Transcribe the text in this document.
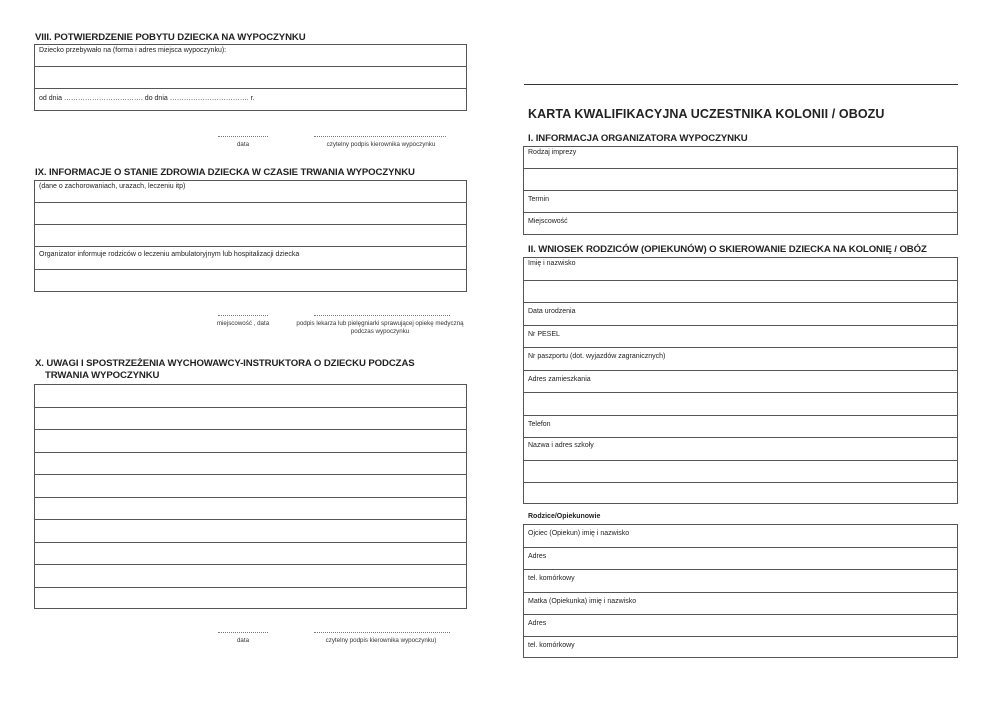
VIII. POTWIERDZENIE POBYTU DZIECKA NA WYPOCZYNKU
Dziecko przebywało na (forma i adres miejsca wypoczynku):
od dnia ……………………………. do dnia ……………………………. r.
data	czytelny podpis kierownika wypoczynku
IX. INFORMACJE O STANIE ZDROWIA DZIECKA W CZASIE TRWANIA WYPOCZYNKU
(dane o zachorowaniach, urazach, leczeniu itp)
Organizator informuje rodziców o leczeniu ambulatoryjnym lub hospitalizacji dziecka
miejscowość , data	podpis lekarza lub pielęgniarki sprawującej opiekę medyczną podczas wypoczynku
X. UWAGI I SPOSTRZEŻENIA WYCHOWAWCY-INSTRUKTORA O DZIECKU PODCZAS
TRWANIA WYPOCZYNKU
data	czytelny podpis kierownika wypoczynku)
KARTA KWALIFIKACYJNA UCZESTNIKA KOLONII / OBOZU
I. INFORMACJA ORGANIZATORA WYPOCZYNKU
Rodzaj imprezy
Termin
Miejscowość
II. WNIOSEK RODZICÓW (OPIEKUNÓW) O SKIEROWANIE DZIECKA NA KOLONIĘ / OBÓZ
Imię i nazwisko
Data urodzenia
Nr PESEL
Nr paszportu (dot. wyjazdów zagranicznych)
Adres zamieszkania
Telefon
Nazwa i adres szkoły
Rodzice/Opiekunowie
Ojciec (Opiekun) imię i nazwisko
Adres
tel. komórkowy
Matka (Opiekunka) imię i nazwisko
Adres
tel. komórkowy
